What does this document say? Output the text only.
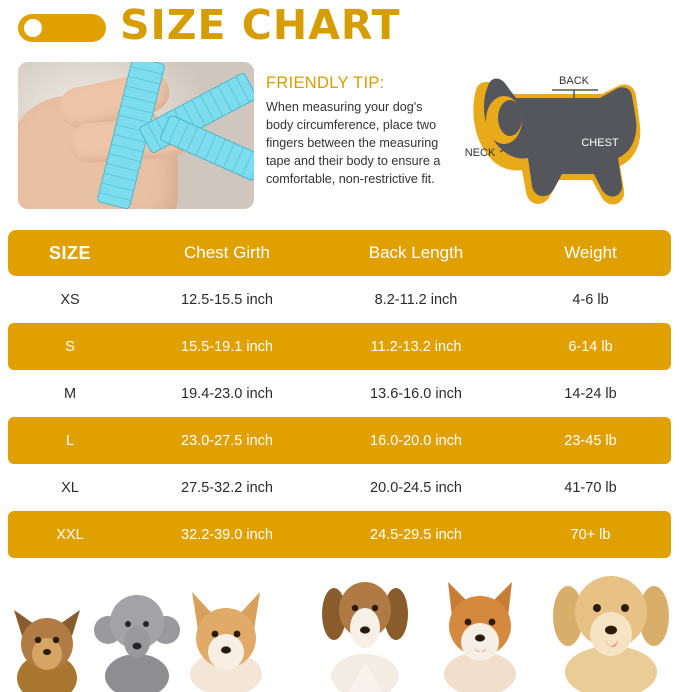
SIZE CHART
FRIENDLY TIP:
When measuring your dog's body circumference, place two fingers between the measuring tape and their body to ensure a comfortable, non-restrictive fit.
BACK
NECK
CHEST
SIZE	Chest Girth	Back Length	Weight
XS	12.5-15.5 inch	8.2-11.2 inch	4-6 lb
S	15.5-19.1 inch	11.2-13.2 inch	6-14 lb
M	19.4-23.0 inch	13.6-16.0 inch	14-24 lb
L	23.0-27.5 inch	16.0-20.0 inch	23-45 lb
XL	27.5-32.2 inch	20.0-24.5 inch	41-70 lb
XXL	32.2-39.0 inch	24.5-29.5 inch	70+ lb
